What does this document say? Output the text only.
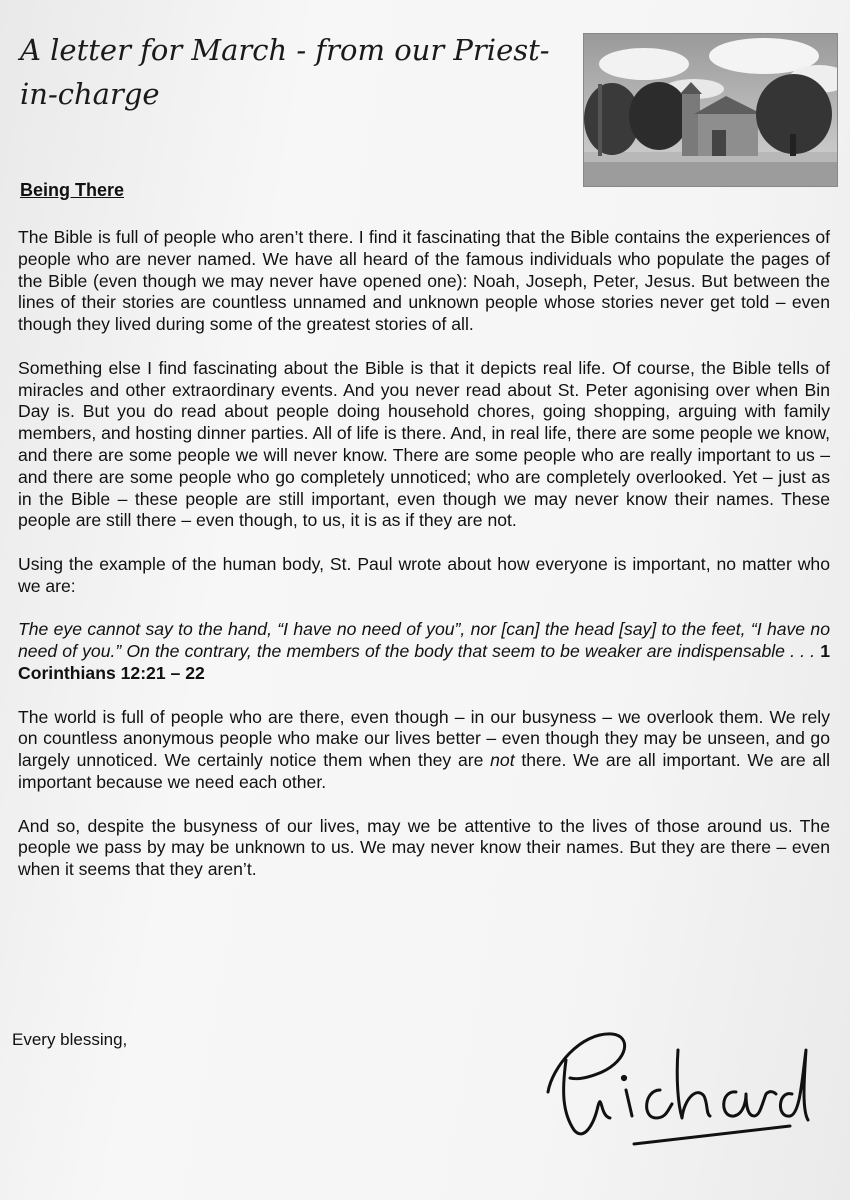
A letter for March - from our Priest-in-charge
Being There

The Bible is full of people who aren’t there. I find it fascinating that the Bible contains the experiences of people who are never named. We have all heard of the famous individuals who populate the pages of the Bible (even though we may never have opened one): Noah, Joseph, Peter, Jesus. But between the lines of their stories are countless unnamed and unknown people whose stories never get told – even though they lived during some of the greatest stories of all.

Something else I find fascinating about the Bible is that it depicts real life. Of course, the Bible tells of miracles and other extraordinary events. And you never read about St. Peter agonising over when Bin Day is. But you do read about people doing household chores, going shopping, arguing with family members, and hosting dinner parties. All of life is there. And, in real life, there are some people we know, and there are some people we will never know. There are some people who are really important to us – and there are some people who go completely unnoticed; who are completely overlooked. Yet – just as in the Bible – these people are still important, even though we may never know their names. These people are still there – even though, to us, it is as if they are not.

Using the example of the human body, St. Paul wrote about how everyone is important, no matter who we are:

The eye cannot say to the hand, “I have no need of you”, nor [can] the head [say] to the feet, “I have no need of you.” On the contrary, the members of the body that seem to be weaker are indispensable . . . 1 Corinthians 12:21 – 22

The world is full of people who are there, even though – in our busyness – we overlook them. We rely on countless anonymous people who make our lives better – even though they may be unseen, and go largely unnoticed. We certainly notice them when they are not there. We are all important. We are all important because we need each other.

And so, despite the busyness of our lives, may we be attentive to the lives of those around us. The people we pass by may be unknown to us. We may never know their names. But they are there – even when it seems that they aren’t.

Every blessing,
